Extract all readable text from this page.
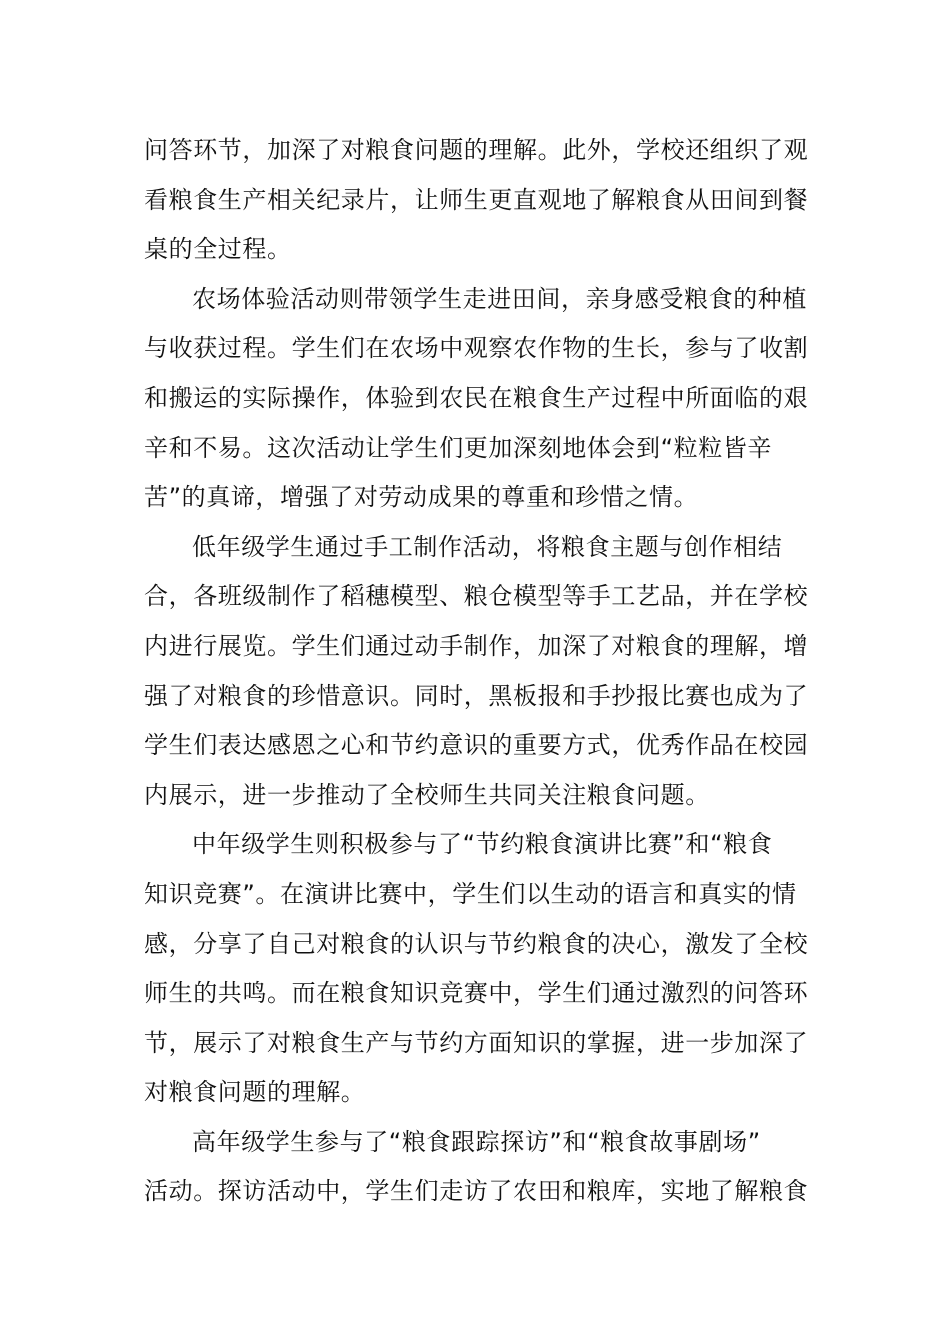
问答环节，加深了对粮食问题的理解。此外，学校还组织了观
看粮食生产相关纪录片，让师生更直观地了解粮食从田间到餐
桌的全过程。
农场体验活动则带领学生走进田间，亲身感受粮食的种植
与收获过程。学生们在农场中观察农作物的生长，参与了收割
和搬运的实际操作，体验到农民在粮食生产过程中所面临的艰
辛和不易。这次活动让学生们更加深刻地体会到“粒粒皆辛
苦”的真谛，增强了对劳动成果的尊重和珍惜之情。
低年级学生通过手工制作活动，将粮食主题与创作相结
合，各班级制作了稻穗模型、粮仓模型等手工艺品，并在学校
内进行展览。学生们通过动手制作，加深了对粮食的理解，增
强了对粮食的珍惜意识。同时，黑板报和手抄报比赛也成为了
学生们表达感恩之心和节约意识的重要方式，优秀作品在校园
内展示，进一步推动了全校师生共同关注粮食问题。
中年级学生则积极参与了“节约粮食演讲比赛”和“粮食
知识竞赛”。在演讲比赛中，学生们以生动的语言和真实的情
感，分享了自己对粮食的认识与节约粮食的决心，激发了全校
师生的共鸣。而在粮食知识竞赛中，学生们通过激烈的问答环
节，展示了对粮食生产与节约方面知识的掌握，进一步加深了
对粮食问题的理解。
高年级学生参与了“粮食跟踪探访”和“粮食故事剧场”
活动。探访活动中，学生们走访了农田和粮库，实地了解粮食
